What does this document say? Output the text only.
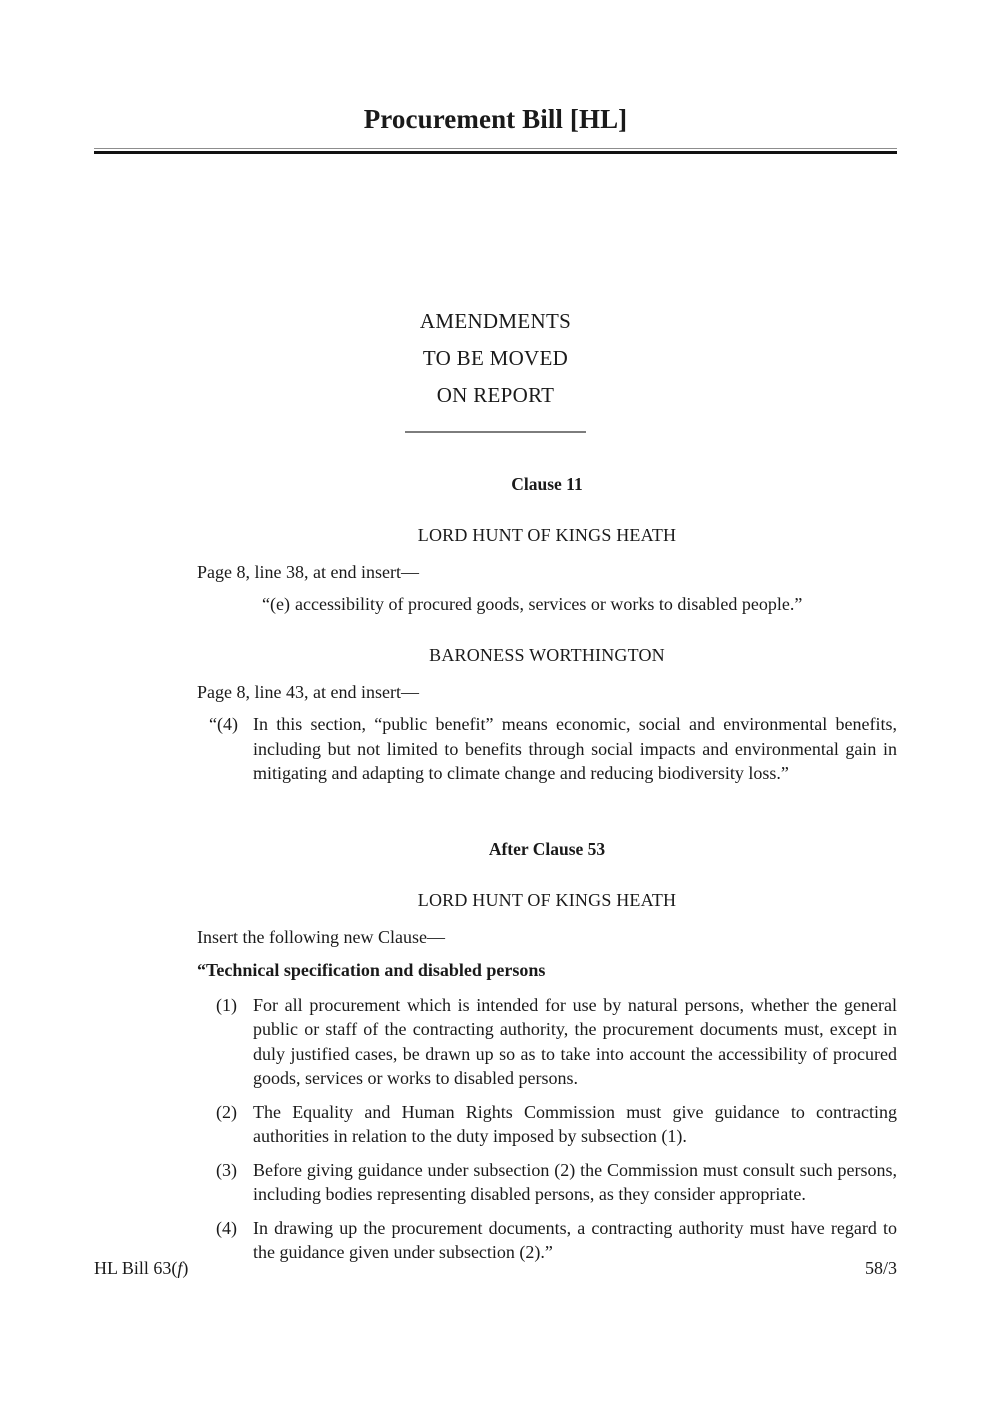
Procurement Bill [HL]
AMENDMENTS
TO BE MOVED
ON REPORT
Clause 11
LORD HUNT OF KINGS HEATH
Page 8, line 38, at end insert—
“(e) accessibility of procured goods, services or works to disabled people.”
BARONESS WORTHINGTON
Page 8, line 43, at end insert—
“(4) In this section, “public benefit” means economic, social and environmental benefits, including but not limited to benefits through social impacts and environmental gain in mitigating and adapting to climate change and reducing biodiversity loss.”
After Clause 53
LORD HUNT OF KINGS HEATH
Insert the following new Clause—
“Technical specification and disabled persons
(1) For all procurement which is intended for use by natural persons, whether the general public or staff of the contracting authority, the procurement documents must, except in duly justified cases, be drawn up so as to take into account the accessibility of procured goods, services or works to disabled persons.
(2) The Equality and Human Rights Commission must give guidance to contracting authorities in relation to the duty imposed by subsection (1).
(3) Before giving guidance under subsection (2) the Commission must consult such persons, including bodies representing disabled persons, as they consider appropriate.
(4) In drawing up the procurement documents, a contracting authority must have regard to the guidance given under subsection (2).”
HL Bill 63(f)	58/3
